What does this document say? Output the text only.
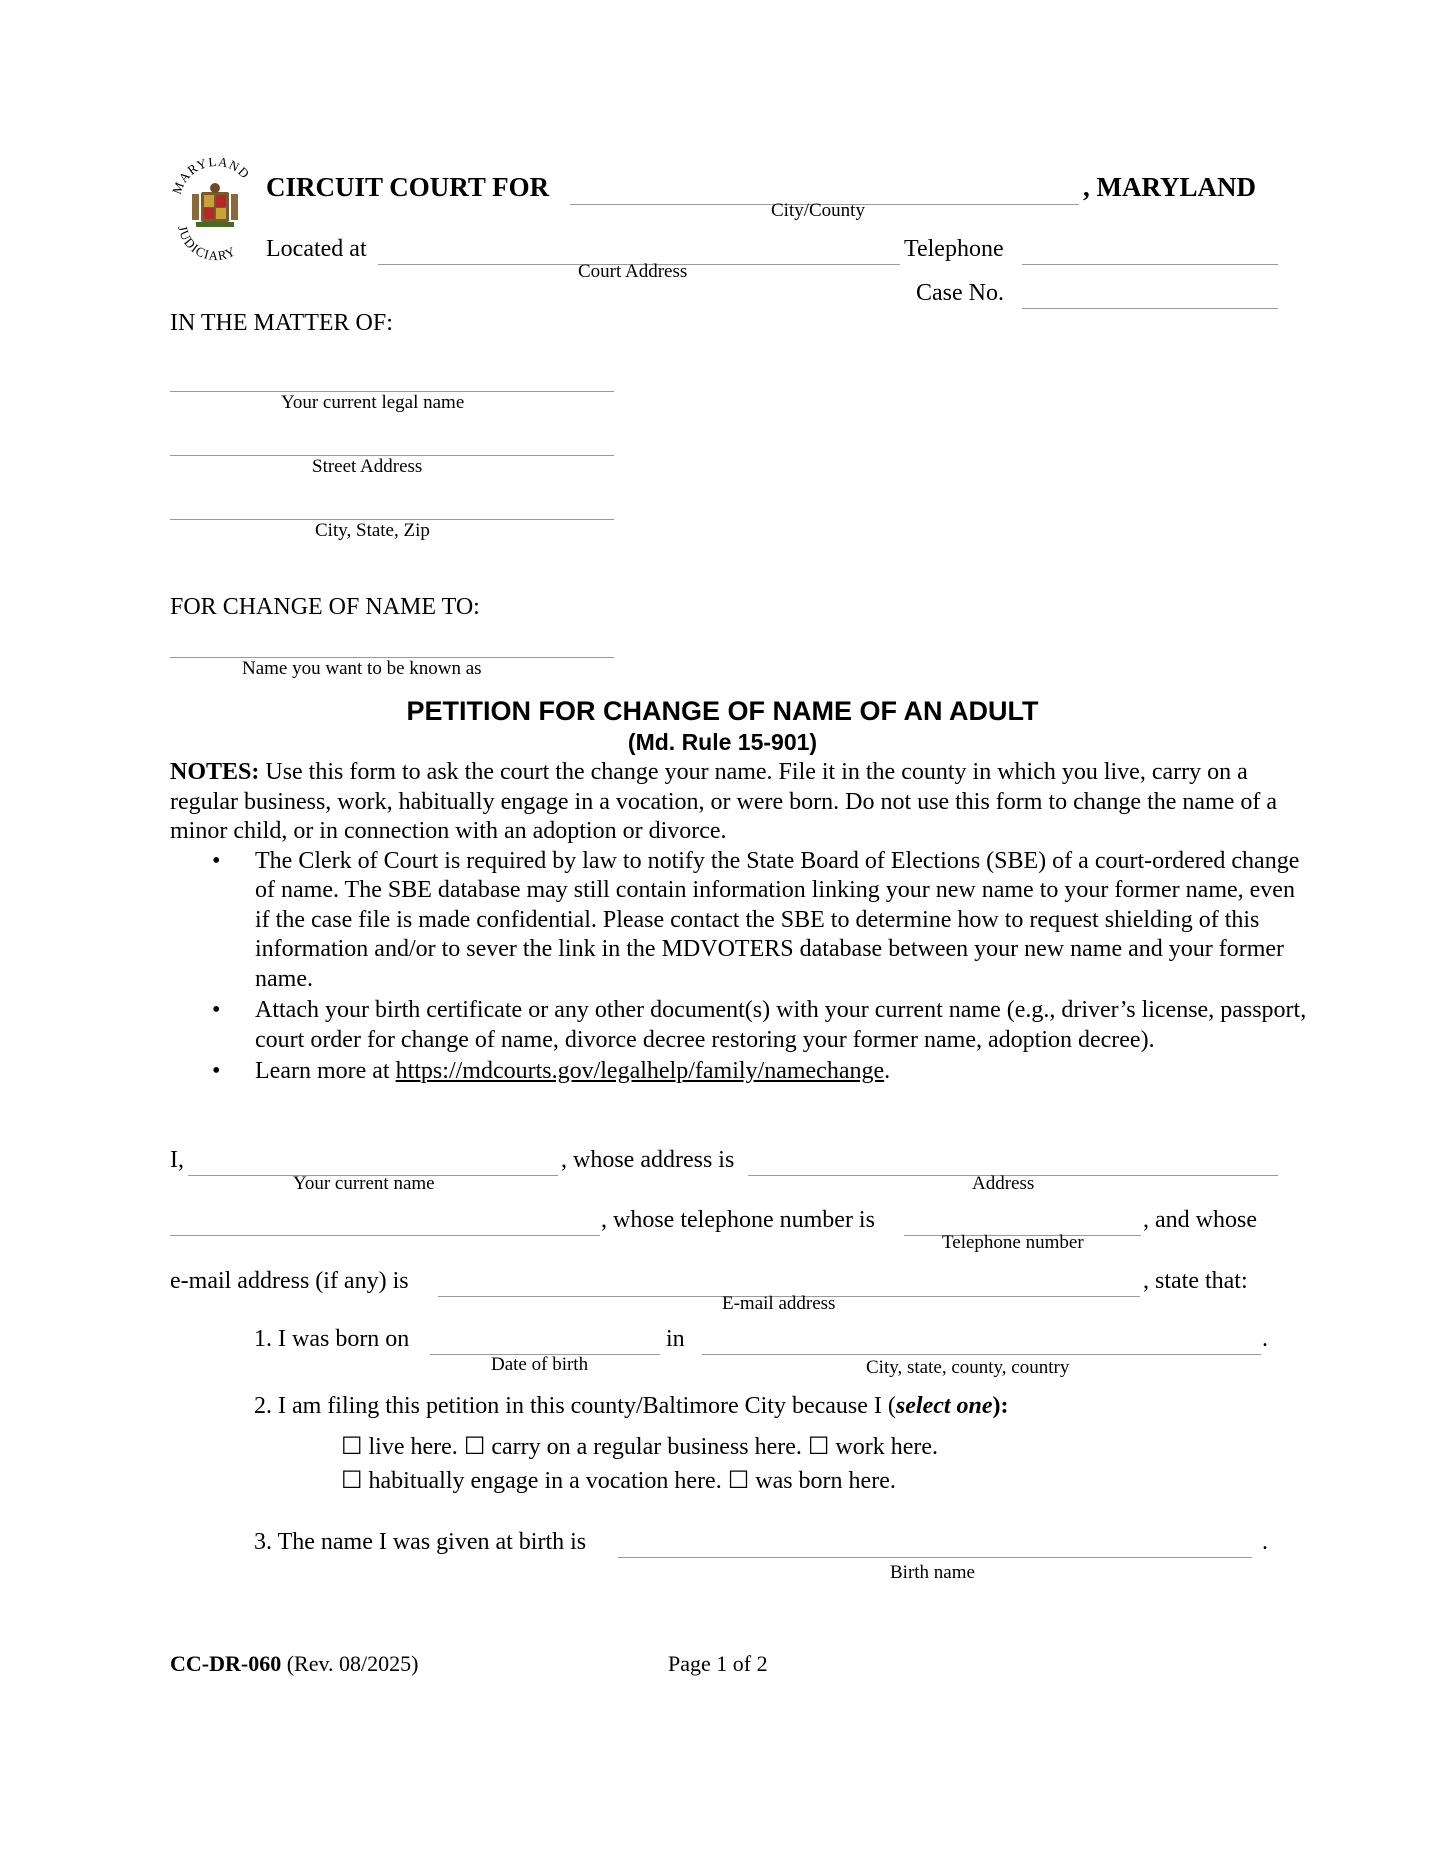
MARYLAND
JUDICIARY
CIRCUIT COURT FOR	, MARYLAND
City/County
Located at
Court Address
Telephone
Case No.
IN THE MATTER OF:
Your current legal name
Street Address
City, State, Zip
FOR CHANGE OF NAME TO:
Name you want to be known as
PETITION FOR CHANGE OF NAME OF AN ADULT
(Md. Rule 15-901)
NOTES: Use this form to ask the court the change your name. File it in the county in which you live, carry on a regular business, work, habitually engage in a vocation, or were born. Do not use this form to change the name of a minor child, or in connection with an adoption or divorce.
• The Clerk of Court is required by law to notify the State Board of Elections (SBE) of a court-ordered change of name. The SBE database may still contain information linking your new name to your former name, even if the case file is made confidential. Please contact the SBE to determine how to request shielding of this information and/or to sever the link in the MDVOTERS database between your new name and your former name.
• Attach your birth certificate or any other document(s) with your current name (e.g., driver’s license, passport, court order for change of name, divorce decree restoring your former name, adoption decree).
• Learn more at https://mdcourts.gov/legalhelp/family/namechange.
I,	, whose address is
Your current name	Address
, whose telephone number is	, and whose
Telephone number
e-mail address (if any) is	, state that:
E-mail address
1. I was born on	in	.
Date of birth	City, state, county, country
2. I am filing this petition in this county/Baltimore City because I (select one):
☐ live here. ☐ carry on a regular business here. ☐ work here.
☐ habitually engage in a vocation here. ☐ was born here.
3. The name I was given at birth is	.
Birth name
CC-DR-060 (Rev. 08/2025)	Page 1 of 2
